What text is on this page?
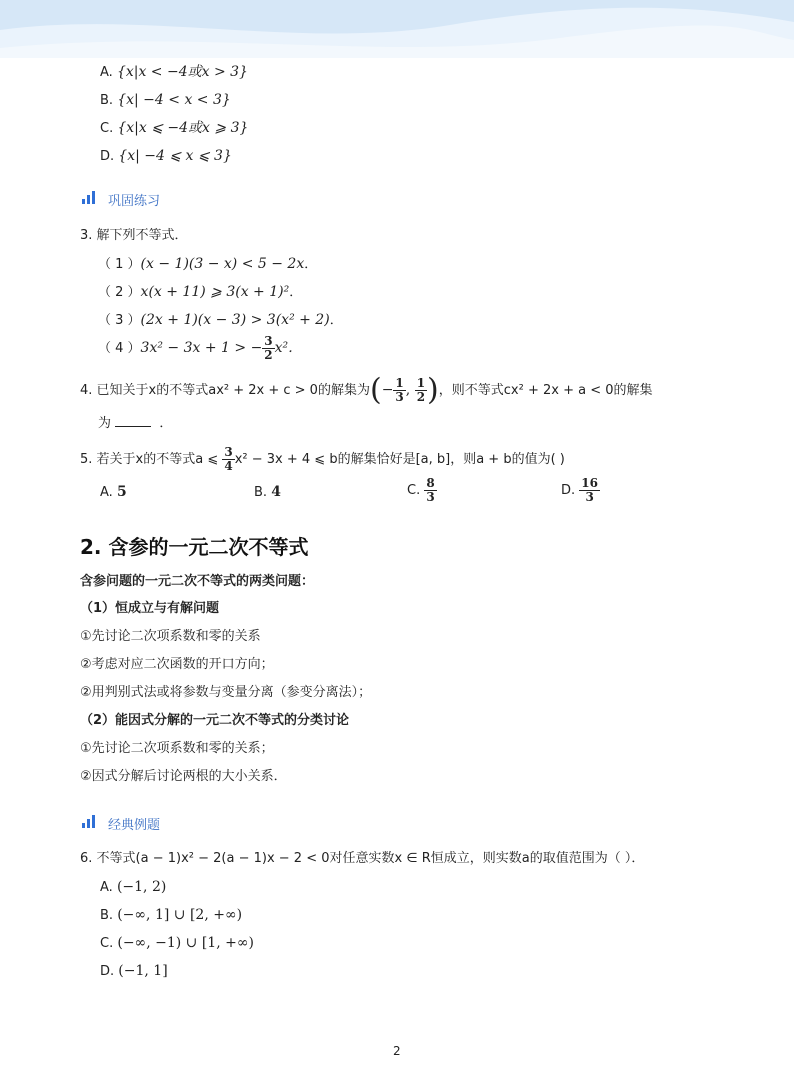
A. {x|x < −4或x > 3}
B. {x| −4 < x < 3}
C. {x|x ⩽ −4或x ⩾ 3}
D. {x| −4 ⩽ x ⩽ 3}
巩固练习
3. 解下列不等式．
（ 1 ）(x − 1)(3 − x) < 5 − 2x．
（ 2 ）x(x + 11) ⩾ 3(x + 1)²．
（ 3 ）(2x + 1)(x − 3) > 3(x² + 2)．
（ 4 ）3x² − 3x + 1 > − $\frac{3}{2} x^2$．
4. 已知关于x的不等式ax² + 2x + c > 0的解集为(− $\frac{1}{3}$ , $\frac{1}{2}$ )，则不等式cx² + 2x + a < 0的解集
为	．
5. 若关于x的不等式a ⩽ $\frac{3}{4} x^2 - 3x + 4$ ⩽ b的解集恰好是[a, b]，则a + b的值为( )
A. 5	B. 4	C. $\frac{8}{3}$	D. $\frac{16}{3}$
2. 含参的一元二次不等式
含参问题的一元二次不等式的两类问题：
（1）恒成立与有解问题
①先讨论二次项系数和零的关系
②考虑对应二次函数的开口方向；
②用判别式法或将参数与变量分离（参变分离法）；
（2）能因式分解的一元二次不等式的分类讨论
①先讨论二次项系数和零的关系；
②因式分解后讨论两根的大小关系．
经典例题
6. 不等式(a − 1)x² − 2(a − 1)x − 2 < 0对任意实数x ∈ R恒成立，则实数a的取值范围为（ ）．
A. (−1, 2)
B. (−∞, 1] ∪ [2, +∞)
C. (−∞, −1) ∪ [1, +∞)
D. (−1, 1]
2
